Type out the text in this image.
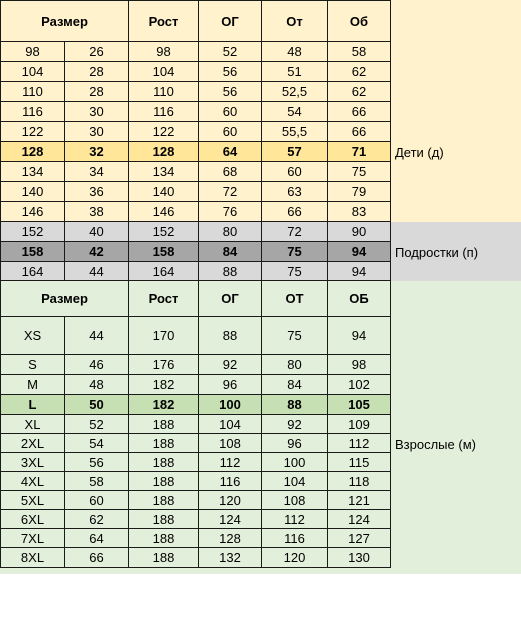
Размер	Рост	ОГ	От	Об
98	26	98	52	48	58
104	28	104	56	51	62
110	28	110	56	52,5	62
116	30	116	60	54	66
122	30	122	60	55,5	66
128	32	128	64	57	71
134	34	134	68	60	75
140	36	140	72	63	79
146	38	146	76	66	83
152	40	152	80	72	90
158	42	158	84	75	94
164	44	164	88	75	94
Размер	Рост	ОГ	ОТ	ОБ
XS	44	170	88	75	94
S	46	176	92	80	98
M	48	182	96	84	102
L	50	182	100	88	105
XL	52	188	104	92	109
2XL	54	188	108	96	112
3XL	56	188	112	100	115
4XL	58	188	116	104	118
5XL	60	188	120	108	121
6XL	62	188	124	112	124
7XL	64	188	128	116	127
8XL	66	188	132	120	130
Дети (д)
Подростки (п)
Взрослые (м)
